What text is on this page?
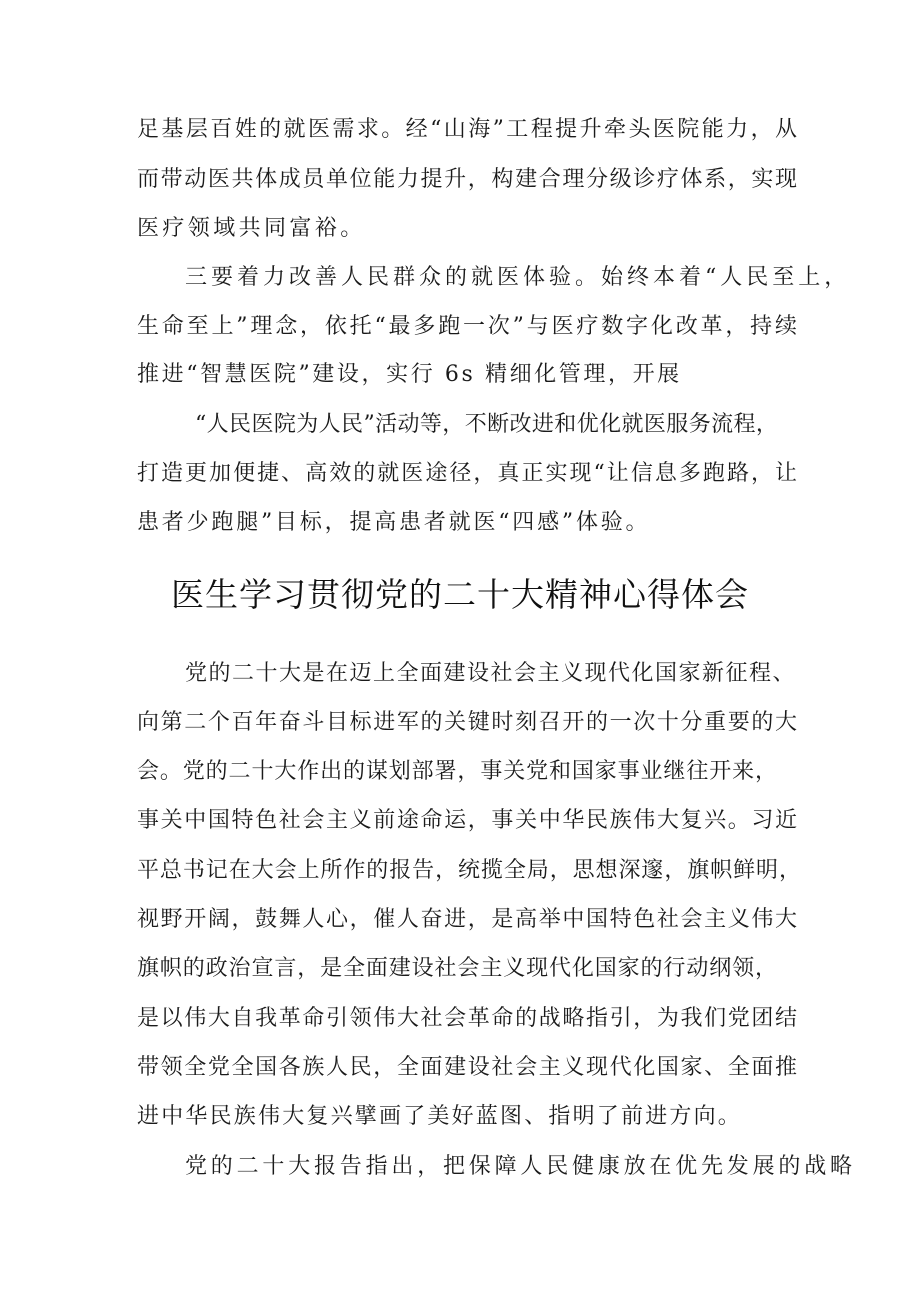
足基层百姓的就医需求。经“山海”工程提升牵头医院能力，从
而带动医共体成员单位能力提升，构建合理分级诊疗体系，实现
医疗领域共同富裕。
三要着力改善人民群众的就医体验。始终本着“人民至上，
生命至上”理念，依托“最多跑一次”与医疗数字化改革，持续
推进“智慧医院”建设，实行 6s 精细化管理，开展
“人民医院为人民”活动等，不断改进和优化就医服务流程，
打造更加便捷、高效的就医途径，真正实现“让信息多跑路，让
患者少跑腿”目标，提高患者就医“四感”体验。
医生学习贯彻党的二十大精神心得体会
党的二十大是在迈上全面建设社会主义现代化国家新征程、
向第二个百年奋斗目标进军的关键时刻召开的一次十分重要的大
会。党的二十大作出的谋划部署，事关党和国家事业继往开来，
事关中国特色社会主义前途命运，事关中华民族伟大复兴。习近
平总书记在大会上所作的报告，统揽全局，思想深邃，旗帜鲜明，
视野开阔，鼓舞人心，催人奋进，是高举中国特色社会主义伟大
旗帜的政治宣言，是全面建设社会主义现代化国家的行动纲领，
是以伟大自我革命引领伟大社会革命的战略指引，为我们党团结
带领全党全国各族人民，全面建设社会主义现代化国家、全面推
进中华民族伟大复兴擘画了美好蓝图、指明了前进方向。
党的二十大报告指出，把保障人民健康放在优先发展的战略
